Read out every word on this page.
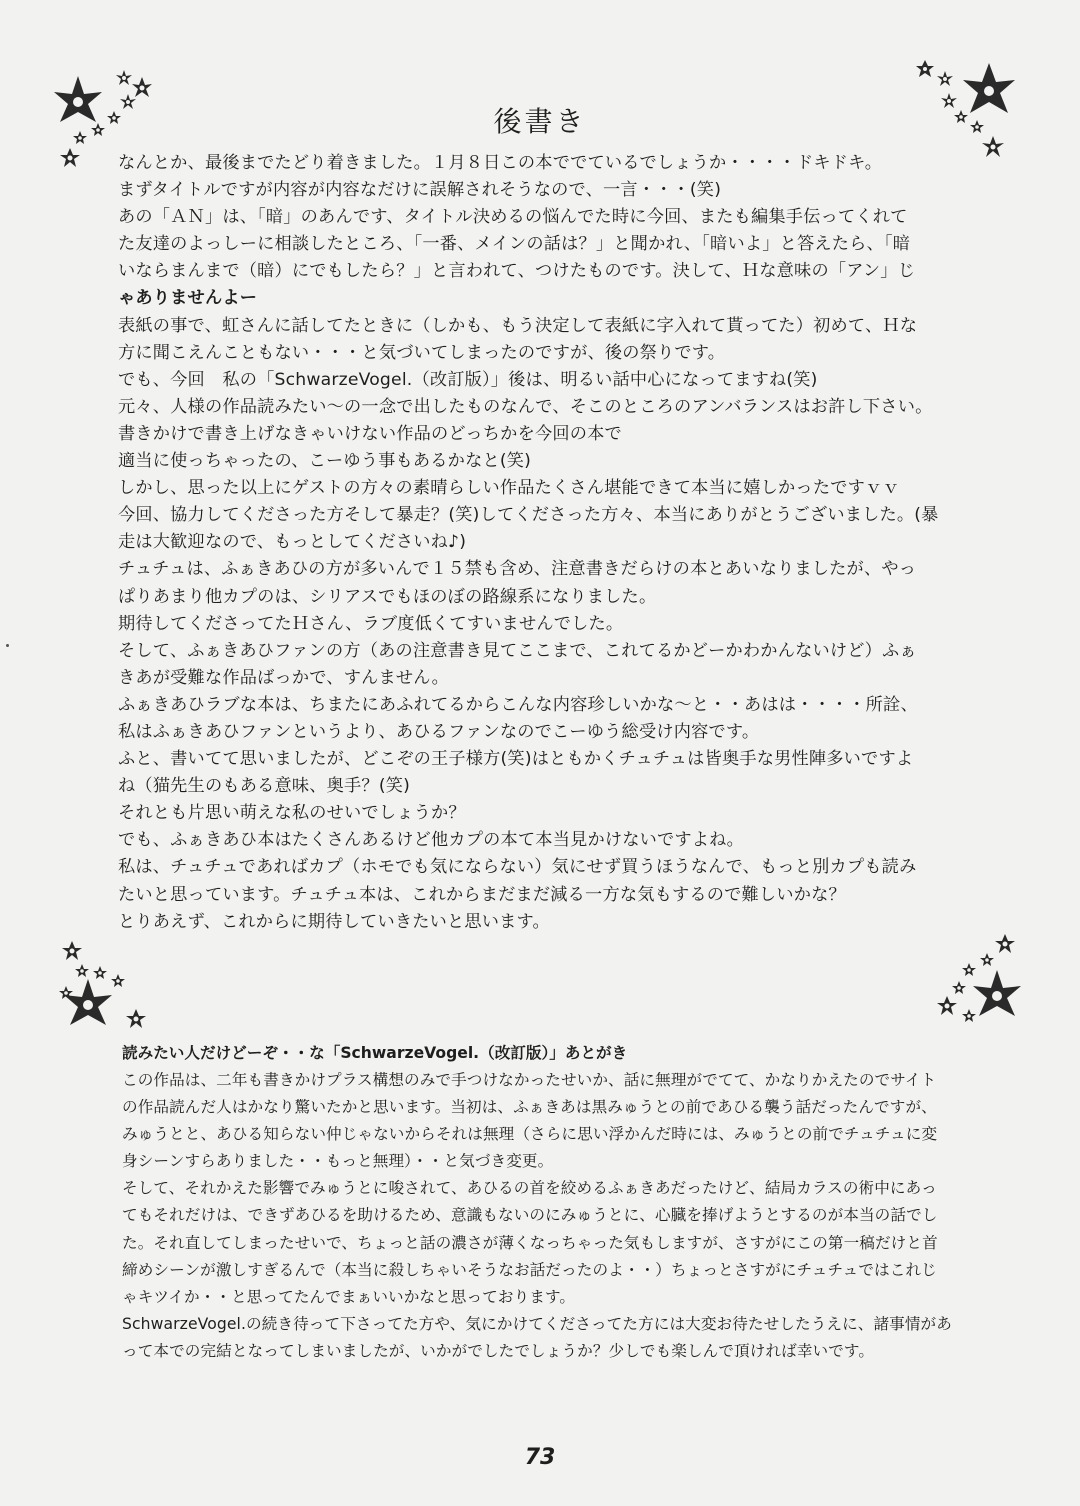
後書き
なんとか、最後までたどり着きました。１月８日この本ででているでしょうか・・・・ドキドキ。
まずタイトルですが内容が内容なだけに誤解されそうなので、一言・・・(笑)
あの「ＡＮ」は、「暗」のあんです、タイトル決めるの悩んでた時に今回、またも編集手伝ってくれて
た友達のよっしーに相談したところ、「一番、メインの話は？」と聞かれ、「暗いよ」と答えたら、「暗
いならまんまで（暗）にでもしたら？」と言われて、つけたものです。決して、Ｈな意味の「アン」じ
ゃありませんよー
表紙の事で、虹さんに話してたときに（しかも、もう決定して表紙に字入れて貰ってた）初めて、Ｈな
方に聞こえんこともない・・・と気づいてしまったのですが、後の祭りです。
でも、今回　私の「SchwarzeVogel.（改訂版）」後は、明るい話中心になってますね(笑)
元々、人様の作品読みたい～の一念で出したものなんで、そこのところのアンバランスはお許し下さい。
書きかけで書き上げなきゃいけない作品のどっちかを今回の本で
適当に使っちゃったの、こーゆう事もあるかなと(笑)
しかし、思った以上にゲストの方々の素晴らしい作品たくさん堪能できて本当に嬉しかったですｖｖ
今回、協力してくださった方そして暴走？(笑)してくださった方々、本当にありがとうございました。(暴
走は大歓迎なので、もっとしてくださいね♪)
チュチュは、ふぁきあひの方が多いんで１５禁も含め、注意書きだらけの本とあいなりましたが、やっ
ぱりあまり他カプのは、シリアスでもほのぼの路線系になりました。
期待してくださってたＨさん、ラブ度低くてすいませんでした。
そして、ふぁきあひファンの方（あの注意書き見てここまで、これてるかどーかわかんないけど）ふぁ
きあが受難な作品ばっかで、すんません。
ふぁきあひラブな本は、ちまたにあふれてるからこんな内容珍しいかな～と・・あはは・・・・所詮、
私はふぁきあひファンというより、あひるファンなのでこーゆう総受け内容です。
ふと、書いてて思いましたが、どこぞの王子様方(笑)はともかくチュチュは皆奥手な男性陣多いですよ
ね（猫先生のもある意味、奥手？(笑)
それとも片思い萌えな私のせいでしょうか？
でも、ふぁきあひ本はたくさんあるけど他カプの本て本当見かけないですよね。
私は、チュチュであればカプ（ホモでも気にならない）気にせず買うほうなんで、もっと別カプも読み
たいと思っています。チュチュ本は、これからまだまだ減る一方な気もするので難しいかな？
とりあえず、これからに期待していきたいと思います。

読みたい人だけどーぞ・・な「SchwarzeVogel.（改訂版）」あとがき

この作品は、二年も書きかけプラス構想のみで手つけなかったせいか、話に無理がでてて、かなりかえたのでサイト
の作品読んだ人はかなり驚いたかと思います。当初は、ふぁきあは黒みゅうとの前であひる襲う話だったんですが、
みゅうとと、あひる知らない仲じゃないからそれは無理（さらに思い浮かんだ時には、みゅうとの前でチュチュに変
身シーンすらありました・・もっと無理）・・と気づき変更。
そして、それかえた影響でみゅうとに唆されて、あひるの首を絞めるふぁきあだったけど、結局カラスの術中にあっ
てもそれだけは、できずあひるを助けるため、意識もないのにみゅうとに、心臓を捧げようとするのが本当の話でし
た。それ直してしまったせいで、ちょっと話の濃さが薄くなっちゃった気もしますが、さすがにこの第一稿だけと首
締めシーンが激しすぎるんで（本当に殺しちゃいそうなお話だったのよ・・）ちょっとさすがにチュチュではこれじ
ゃキツイか・・と思ってたんでまぁいいかなと思っております。
SchwarzeVogel.の続き待って下さってた方や、気にかけてくださってた方には大変お待たせしたうえに、諸事情があ
って本での完結となってしまいましたが、いかがでしたでしょうか？少しでも楽しんで頂ければ幸いです。
73
